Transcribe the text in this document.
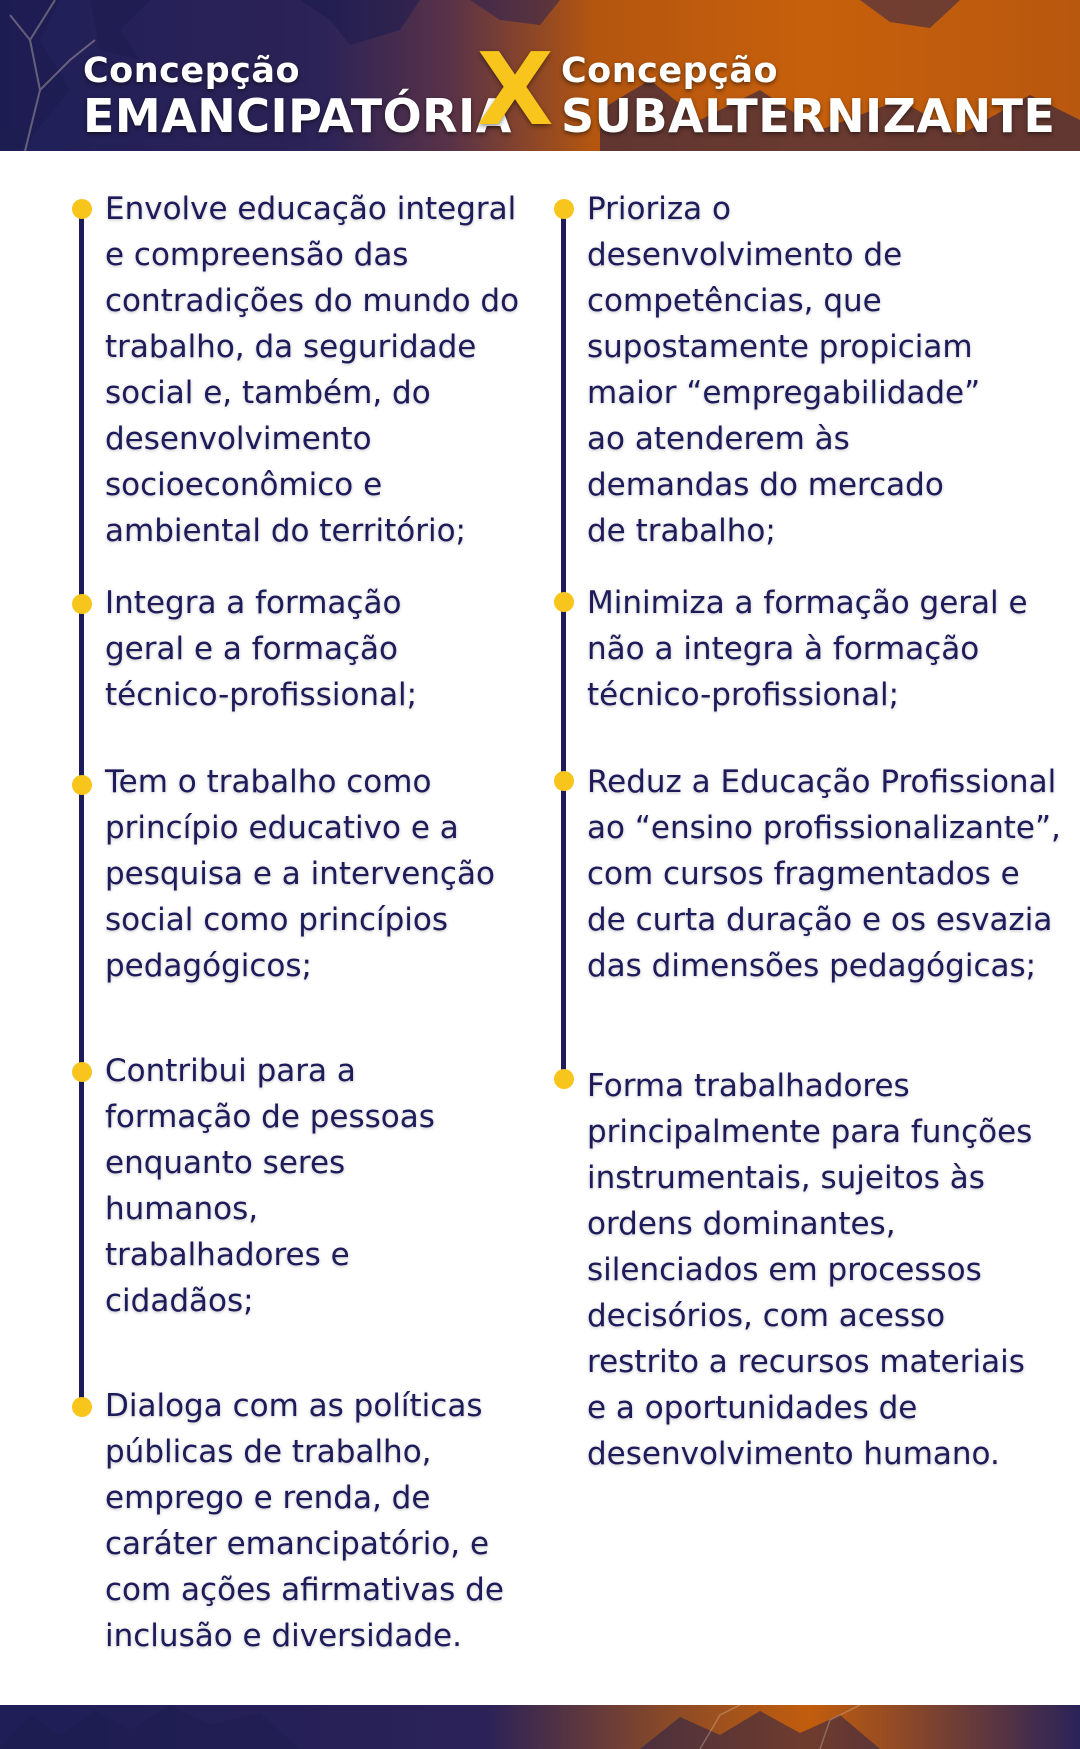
Concepção
EMANCIPATÓRIA
X Concepção
SUBALTERNIZANTE
Envolve educação integral
e compreensão das
contradições do mundo do
trabalho, da seguridade
social e, também, do
desenvolvimento
socioeconômico e
ambiental do território;
Integra a formação
geral e a formação
técnico-profissional;
Tem o trabalho como
princípio educativo e a
pesquisa e a intervenção
social como princípios
pedagógicos;
Contribui para a
formação de pessoas
enquanto seres
humanos,
trabalhadores e
cidadãos;
Dialoga com as políticas
públicas de trabalho,
emprego e renda, de
caráter emancipatório, e
com ações afirmativas de
inclusão e diversidade.
Prioriza o
desenvolvimento de
competências, que
supostamente propiciam
maior “empregabilidade”
ao atenderem às
demandas do mercado
de trabalho;
Minimiza a formação geral e
não a integra à formação
técnico-profissional;
Reduz a Educação Profissional
ao “ensino profissionalizante”,
com cursos fragmentados e
de curta duração e os esvazia
das dimensões pedagógicas;
Forma trabalhadores
principalmente para funções
instrumentais, sujeitos às
ordens dominantes,
silenciados em processos
decisórios, com acesso
restrito a recursos materiais
e a oportunidades de
desenvolvimento humano.
